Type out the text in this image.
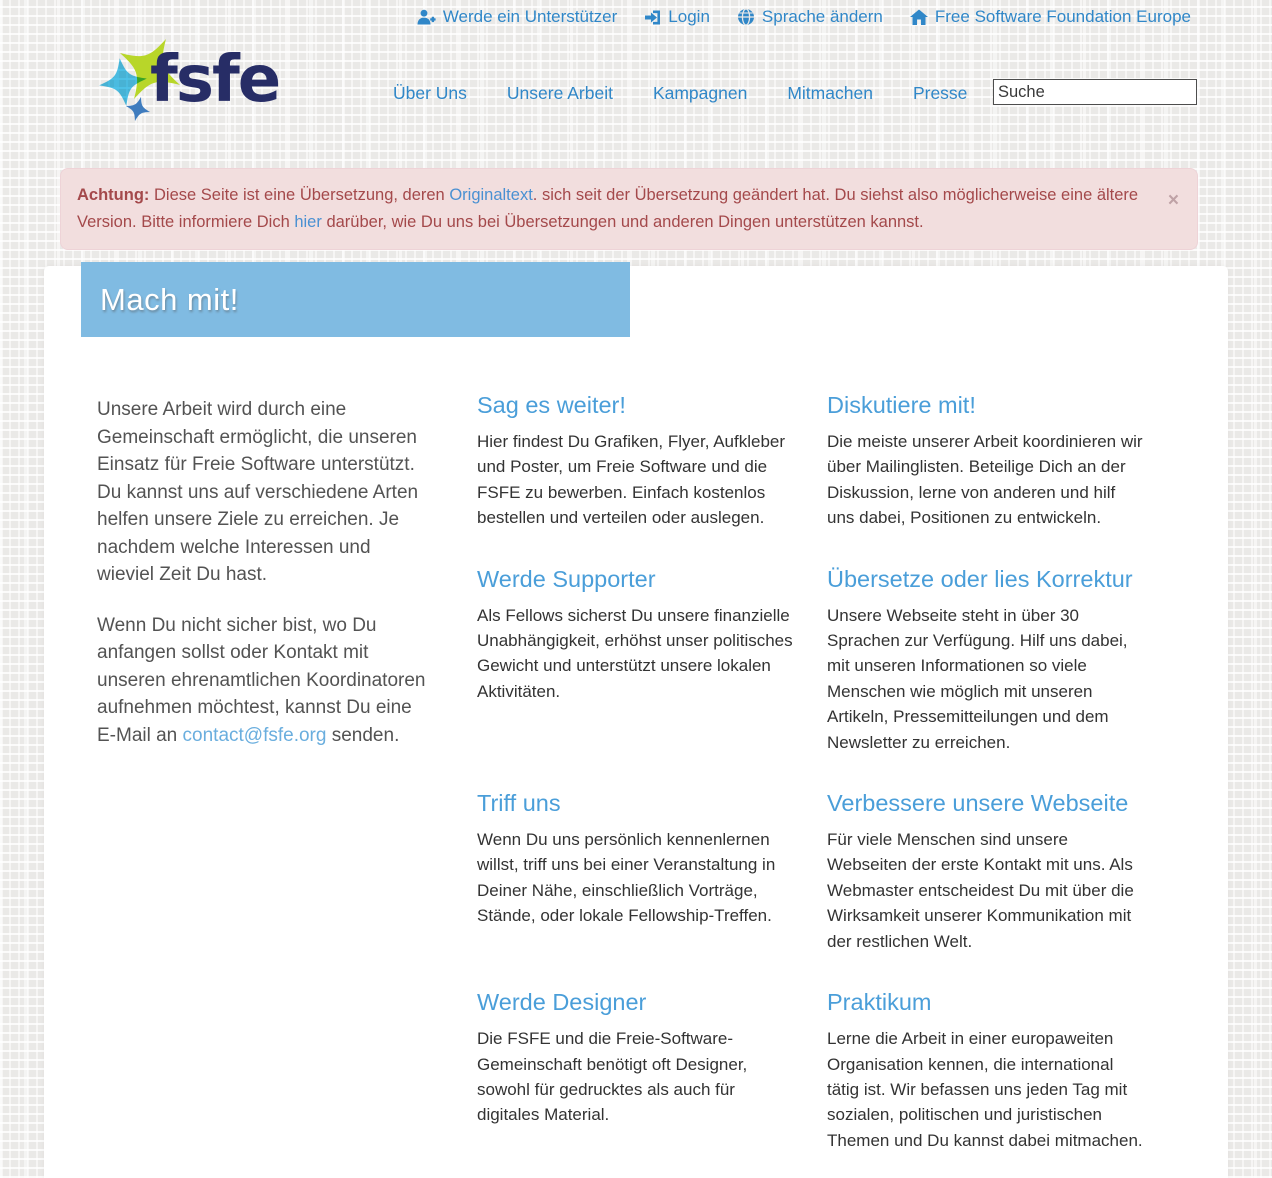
Werde ein Unterstützer	Login	Sprache ändern	Free Software Foundation Europe
fsfe	Über Uns Unsere Arbeit Kampagnen Mitmachen Presse
Suche
Achtung: Diese Seite ist eine Übersetzung, deren Originaltext. sich seit der Übersetzung geändert hat. Du siehst also möglicherweise eine ältere Version. Bitte informiere Dich hier darüber, wie Du uns bei Übersetzungen und anderen Dingen unterstützen kannst.
×

Unsere Arbeit wird durch eine Gemeinschaft ermöglicht, die unseren Einsatz für Freie Software unterstützt. Du kannst uns auf verschiedene Arten helfen unsere Ziele zu erreichen. Je nachdem welche Interessen und wieviel Zeit Du hast.

Wenn Du nicht sicher bist, wo Du anfangen sollst oder Kontakt mit unseren ehrenamtlichen Koordinatoren aufnehmen möchtest, kannst Du eine E-Mail an contact@fsfe.org senden.

Sag es weiter!

Hier findest Du Grafiken, Flyer, Aufkleber und Poster, um Freie Software und die FSFE zu bewerben. Einfach kostenlos bestellen und verteilen oder auslegen.

Diskutiere mit!

Die meiste unserer Arbeit koordinieren wir über Mailinglisten. Beteilige Dich an der Diskussion, lerne von anderen und hilf uns dabei, Positionen zu entwickeln.

Werde Supporter

Als Fellows sicherst Du unsere finanzielle Unabhängigkeit, erhöhst unser politisches Gewicht und unterstützt unsere lokalen Aktivitäten.

Übersetze oder lies Korrektur

Unsere Webseite steht in über 30 Sprachen zur Verfügung. Hilf uns dabei, mit unseren Informationen so viele Menschen wie möglich mit unseren Artikeln, Pressemitteilungen und dem Newsletter zu erreichen.

Triff uns

Wenn Du uns persönlich kennenlernen willst, triff uns bei einer Veranstaltung in Deiner Nähe, einschließlich Vorträge, Stände, oder lokale Fellowship-Treffen.

Verbessere unsere Webseite

Für viele Menschen sind unsere Webseiten der erste Kontakt mit uns. Als Webmaster entscheidest Du mit über die Wirksamkeit unserer Kommunikation mit der restlichen Welt.

Werde Designer

Die FSFE und die Freie-Software-Gemeinschaft benötigt oft Designer, sowohl für gedrucktes als auch für digitales Material.

Praktikum

Lerne die Arbeit in einer europaweiten Organisation kennen, die international tätig ist. Wir befassen uns jeden Tag mit sozialen, politischen und juristischen Themen und Du kannst dabei mitmachen.

Mach mit!
